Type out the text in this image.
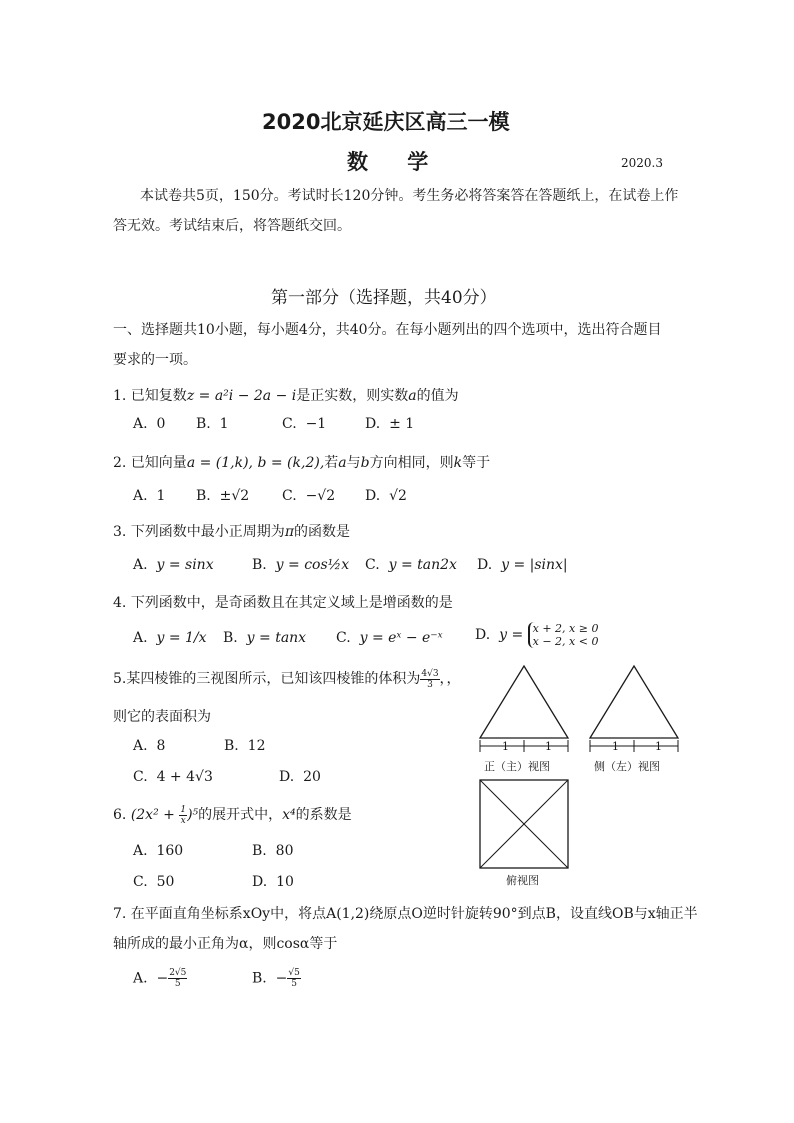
2020北京延庆区高三一模
数    学	2020.3
本试卷共5页，150分。考试时长120分钟。考生务必将答案答在答题纸上，在试卷上作
答无效。考试结束后，将答题纸交回。
第一部分（选择题，共40分）
一、选择题共10小题，每小题4分，共40分。在每小题列出的四个选项中，选出符合题目
要求的一项。
1. 已知复数z = a²i − 2a − i是正实数，则实数a的值为
A. 0 B. 1	C. −1	D. ± 1
2. 已知向量a = (1,k), b = (k,2),若a与b方向相同，则k等于
A. 1 B. ±√2 C. −√2 D. √2
3. 下列函数中最小正周期为π的函数是
A. y = sinx	B. y = cos½x C. y = tan2x D. y = |sinx|
4. 下列函数中，是奇函数且在其定义域上是增函数的是
A. y = 1/x B. y = tanx C. y = eˣ − e⁻ˣ D. y = x + 2, x ≥ 0
x − 2, x < 0
5.某四棱锥的三视图所示，已知该四棱锥的体积为 $\frac{4√3}{3}$ ，，
则它的表面积为
A. 8	B. 12
C. 4 + 4√3	D. 20
1	1
正（主）视图
1	1
侧（左）视图
俯视图
6. $(2x^2 + \frac{1}{x} )^5$的展开式中，x⁴的系数是
A. 160	B. 80
C. 50	D. 10
7. 在平面直角坐标系xOy中，将点A(1,2)绕原点O逆时针旋转90°到点B，设直线OB与x轴正半
轴所成的最小正角为α，则cosα等于
A. − $\frac{2√5}{5}$	B. − $\frac{√5}{5}$
